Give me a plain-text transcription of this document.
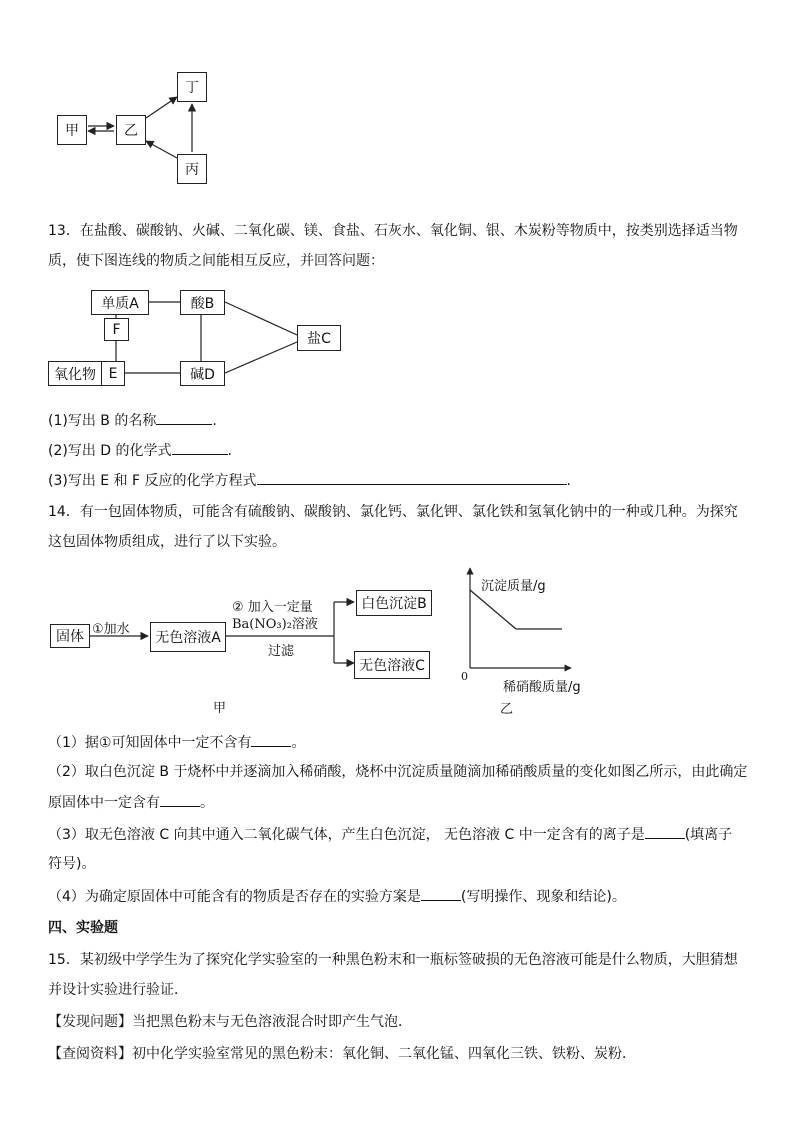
甲	乙
丁
丙
13．在盐酸、碳酸钠、火碱、二氧化碳、镁、食盐、石灰水、氧化铜、银、木炭粉等物质中，按类别选择适当物
质，使下图连线的物质之间能相互反应，并回答问题：
单质A	酸B
盐C
F
氧化物 E	碱D
(1)写出 B 的名称	.
(2)写出 D 的化学式	.
(3)写出 E 和 F 反应的化学方程式	.
14．有一包固体物质，可能含有硫酸钠、碳酸钠、氯化钙、氯化钾、氯化铁和氢氧化钠中的一种或几种。为探究
这包固体物质组成，进行了以下实验。
固体 ①加水
无色溶液A
② 加入一定量
Ba(NO₃)₂溶液
过滤
白色沉淀B
无色溶液C
甲
沉淀质量/g
稀硝酸质量/g
0
乙
（1）据①可知固体中一定不含有	。
（2）取白色沉淀 B 于烧杯中并逐滴加入稀硝酸，烧杯中沉淀质量随滴加稀硝酸质量的变化如图乙所示，由此确定
原固体中一定含有	。
（3）取无色溶液 C 向其中通入二氧化碳气体，产生白色沉淀， 无色溶液 C 中一定含有的离子是	(填离子
符号)。
（4）为确定原固体中可能含有的物质是否存在的实验方案是	(写明操作、现象和结论)。
四、实验题
15．某初级中学学生为了探究化学实验室的一种黑色粉末和一瓶标签破损的无色溶液可能是什么物质，大胆猜想
并设计实验进行验证．
【发现问题】当把黑色粉末与无色溶液混合时即产生气泡．
【查阅资料】初中化学实验室常见的黑色粉末：氧化铜、二氧化锰、四氧化三铁、铁粉、炭粉．
